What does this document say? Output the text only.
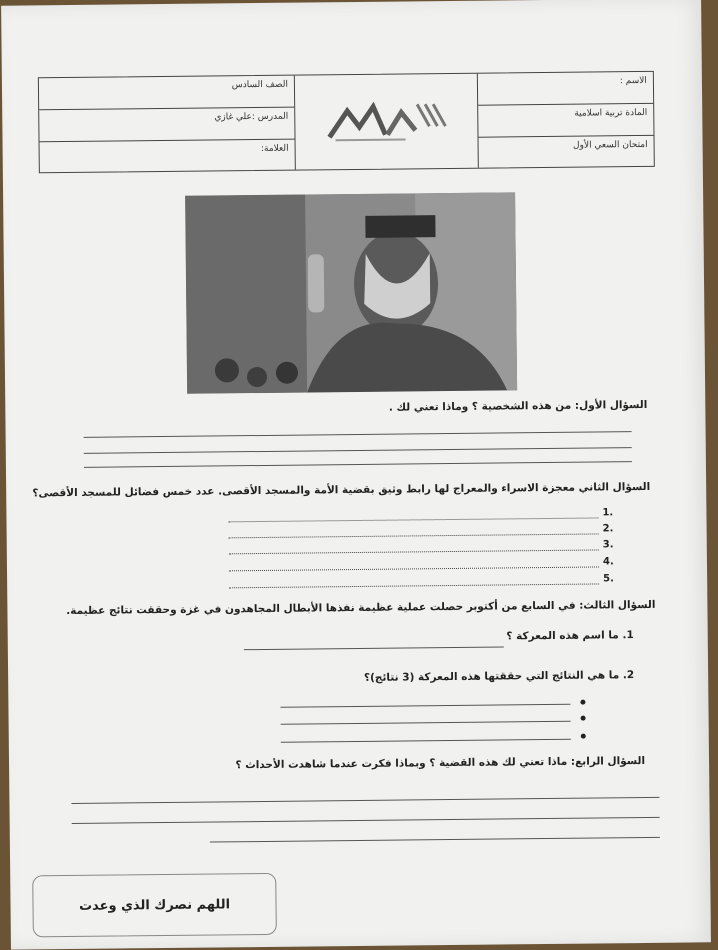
الاسم :
المادة تربية اسلامية
امتحان السعي الأول
الصف السادس
المدرس :علي غازي
العلامة:
السؤال الأول: من هذه الشخصية ؟ وماذا تعني لك .
السؤال الثاني معجزة الاسراء والمعراج لها رابط وثيق بقضية الأمة والمسجد الأقصى. عدد خمس فضائل للمسجد الأقصى؟
1.
2.
3.
4.
5.
السؤال الثالث: في السابع من أكتوبر حصلت عملية عظيمة نفذها الأبطال المجاهدون في غزة وحققت نتائج عظيمة.
1. ما اسم هذه المعركة ؟
2. ما هي النتائج التي حققتها هذه المعركة (3 نتائج)؟
السؤال الرابع: ماذا تعني لك هذه القضية ؟ وبماذا فكرت عندما شاهدت الأحداث ؟
اللهم نصرك الذي وعدت
